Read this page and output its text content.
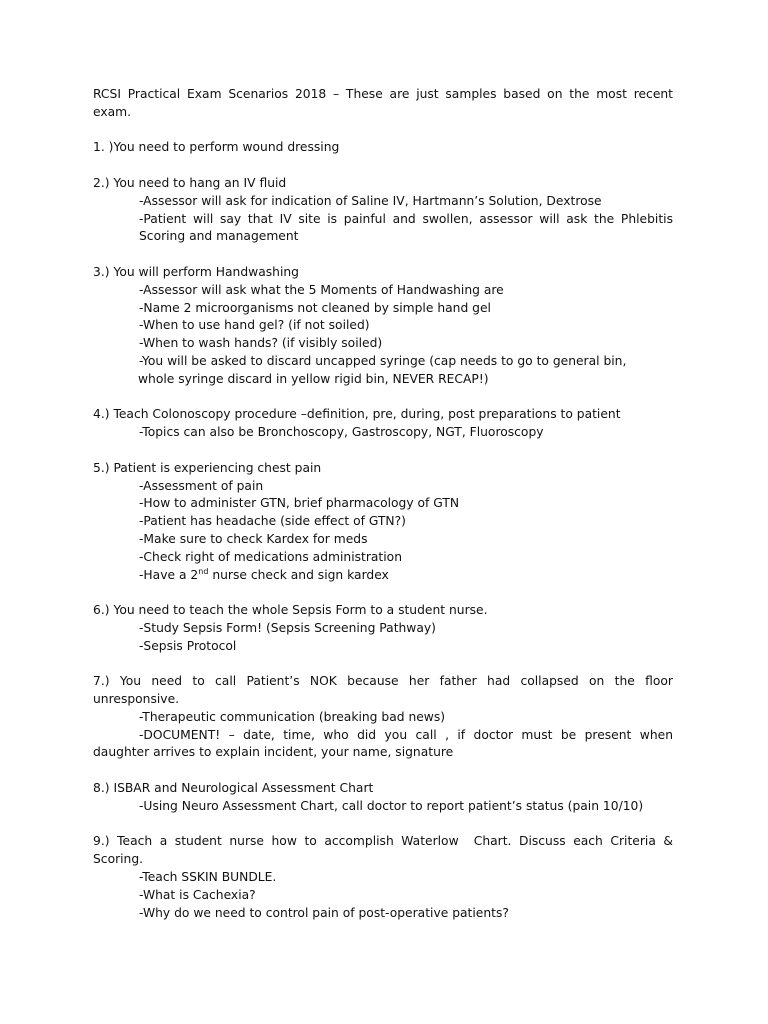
RCSI Practical Exam Scenarios 2018 – These are just samples based on the most recent exam.

1. )You need to perform wound dressing

2.) You need to hang an IV fluid

-Assessor will ask for indication of Saline IV, Hartmann’s Solution, Dextrose

-Patient will say that IV site is painful and swollen, assessor will ask the Phlebitis Scoring and management

3.) You will perform Handwashing

-Assessor will ask what the 5 Moments of Handwashing are

-Name 2 microorganisms not cleaned by simple hand gel

-When to use hand gel? (if not soiled)

-When to wash hands? (if visibly soiled)

-You will be asked to discard uncapped syringe (cap needs to go to general bin,

whole syringe discard in yellow rigid bin, NEVER RECAP!)

4.) Teach Colonoscopy procedure –definition, pre, during, post preparations to patient

-Topics can also be Bronchoscopy, Gastroscopy, NGT, Fluoroscopy

5.) Patient is experiencing chest pain

-Assessment of pain

-How to administer GTN, brief pharmacology of GTN

-Patient has headache (side effect of GTN?)

-Make sure to check Kardex for meds

-Check right of medications administration

-Have a 2nd nurse check and sign kardex

6.) You need to teach the whole Sepsis Form to a student nurse.

-Study Sepsis Form! (Sepsis Screening Pathway)

-Sepsis Protocol

7.) You need to call Patient’s NOK because her father had collapsed on the floor unresponsive.

-Therapeutic communication (breaking bad news)

-DOCUMENT! – date, time, who did you call , if doctor must be present when

daughter arrives to explain incident, your name, signature

8.) ISBAR and Neurological Assessment Chart

-Using Neuro Assessment Chart, call doctor to report patient’s status (pain 10/10)

9.) Teach a student nurse how to accomplish Waterlow  Chart. Discuss each Criteria & Scoring.

-Teach SSKIN BUNDLE.

-What is Cachexia?

-Why do we need to control pain of post-operative patients?
